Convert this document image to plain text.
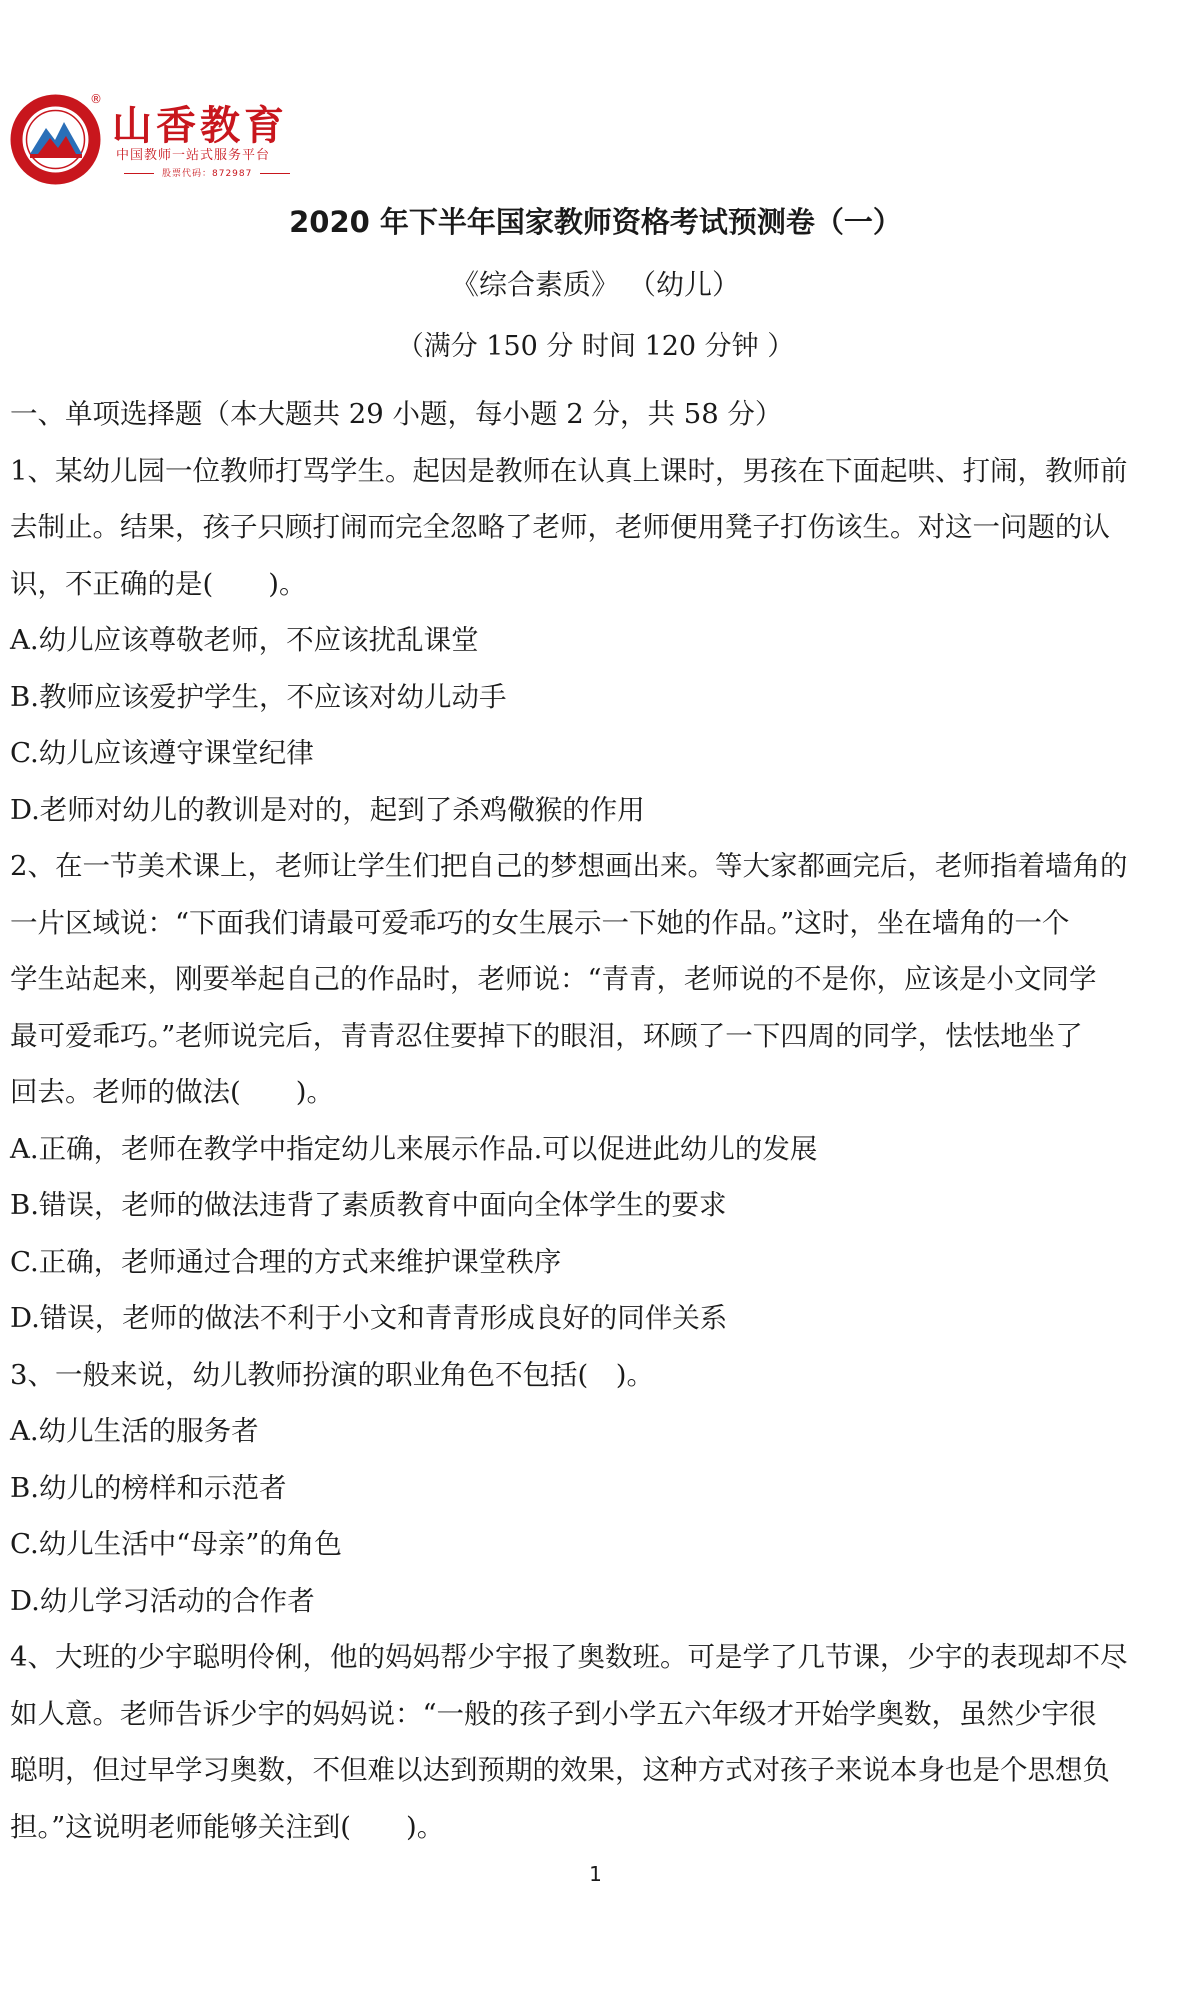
®
山香教育
中国教师一站式服务平台
股票代码：872987
2020 年下半年国家教师资格考试预测卷（一）
《综合素质》 （幼儿）
（满分 150 分 时间 120 分钟 ）

一、单项选择题（本大题共 29 小题，每小题 2 分，共 58 分）

1、某幼儿园一位教师打骂学生。起因是教师在认真上课时，男孩在下面起哄、打闹，教师前

去制止。结果，孩子只顾打闹而完全忽略了老师，老师便用凳子打伤该生。对这一问题的认

识，不正确的是(　　)。

A.幼儿应该尊敬老师，不应该扰乱课堂

B.教师应该爱护学生，不应该对幼儿动手

C.幼儿应该遵守课堂纪律

D.老师对幼儿的教训是对的，起到了杀鸡儆猴的作用

2、在一节美术课上，老师让学生们把自己的梦想画出来。等大家都画完后，老师指着墙角的

一片区域说：“下面我们请最可爱乖巧的女生展示一下她的作品。”这时，坐在墙角的一个

学生站起来，刚要举起自己的作品时，老师说：“青青，老师说的不是你，应该是小文同学

最可爱乖巧。”老师说完后，青青忍住要掉下的眼泪，环顾了一下四周的同学，怯怯地坐了

回去。老师的做法(　　)。

A.正确，老师在教学中指定幼儿来展示作品.可以促进此幼儿的发展

B.错误，老师的做法违背了素质教育中面向全体学生的要求

C.正确，老师通过合理的方式来维护课堂秩序

D.错误，老师的做法不利于小文和青青形成良好的同伴关系

3、一般来说，幼儿教师扮演的职业角色不包括(　)。

A.幼儿生活的服务者

B.幼儿的榜样和示范者

C.幼儿生活中“母亲”的角色

D.幼儿学习活动的合作者

4、大班的少宇聪明伶俐，他的妈妈帮少宇报了奥数班。可是学了几节课，少宇的表现却不尽

如人意。老师告诉少宇的妈妈说：“一般的孩子到小学五六年级才开始学奥数，虽然少宇很

聪明，但过早学习奥数，不但难以达到预期的效果，这种方式对孩子来说本身也是个思想负

担。”这说明老师能够关注到(　　)。

1
